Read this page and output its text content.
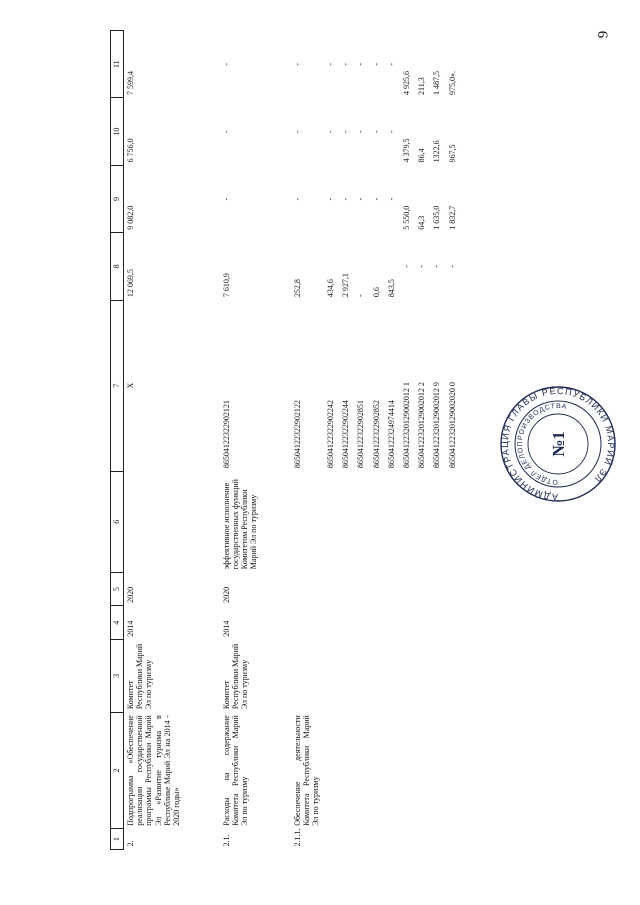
9
1	2	3	4	5	6	7	8	9	10	11
2.	Подпрограмма «Обеспечение реализации государственной программы Республики Марий Эл «Развитие туризма в Республике Марий Эл на 2014 - 2020 годы»	Комитет Республики Марий Эл по туризму	2014	2020		X	12 069,5	9 082,0	6 756,0	7 599,4
2.1.	Расходы на содержание Комитета Республики Марий Эл по туризму	Комитет Республики Марий Эл по туризму	2014	2020	эффективное исполнение государственных функций Комитетом Республики Марий Эл по туризму	86504122322902121	7 610,9	-	-	-
2.1.1.	Обеспечение деятельности Комитета Республики Марий Эл по туризму					86504122322902122	252,8	-	-	-
						86504122322902242	434,6	-	-	-
						86504122322902244	2 927,1	-	-	-
						86504122322902851	-	-	-	-
						86504122322902852	0,6	-	-	-
						86504122324974414	843,5	-	-	-
						86504122320129002012 1	-	5 550,0	4 379,5	4 925,6
						86504122320129002012 2	-	64,3	86,4	211,3
						86504122320129002012 9	-	1 635,0	1322,6	1 487,5
						86504122320129002020 0	-	1 832,7	967,5	975,0».
АДМИНИСТРАЦИЯ ГЛАВЫ РЕСПУБЛИКИ МАРИЙ ЭЛ
ОТДЕЛ ДЕЛОПРОИЗВОДСТВА
№1
